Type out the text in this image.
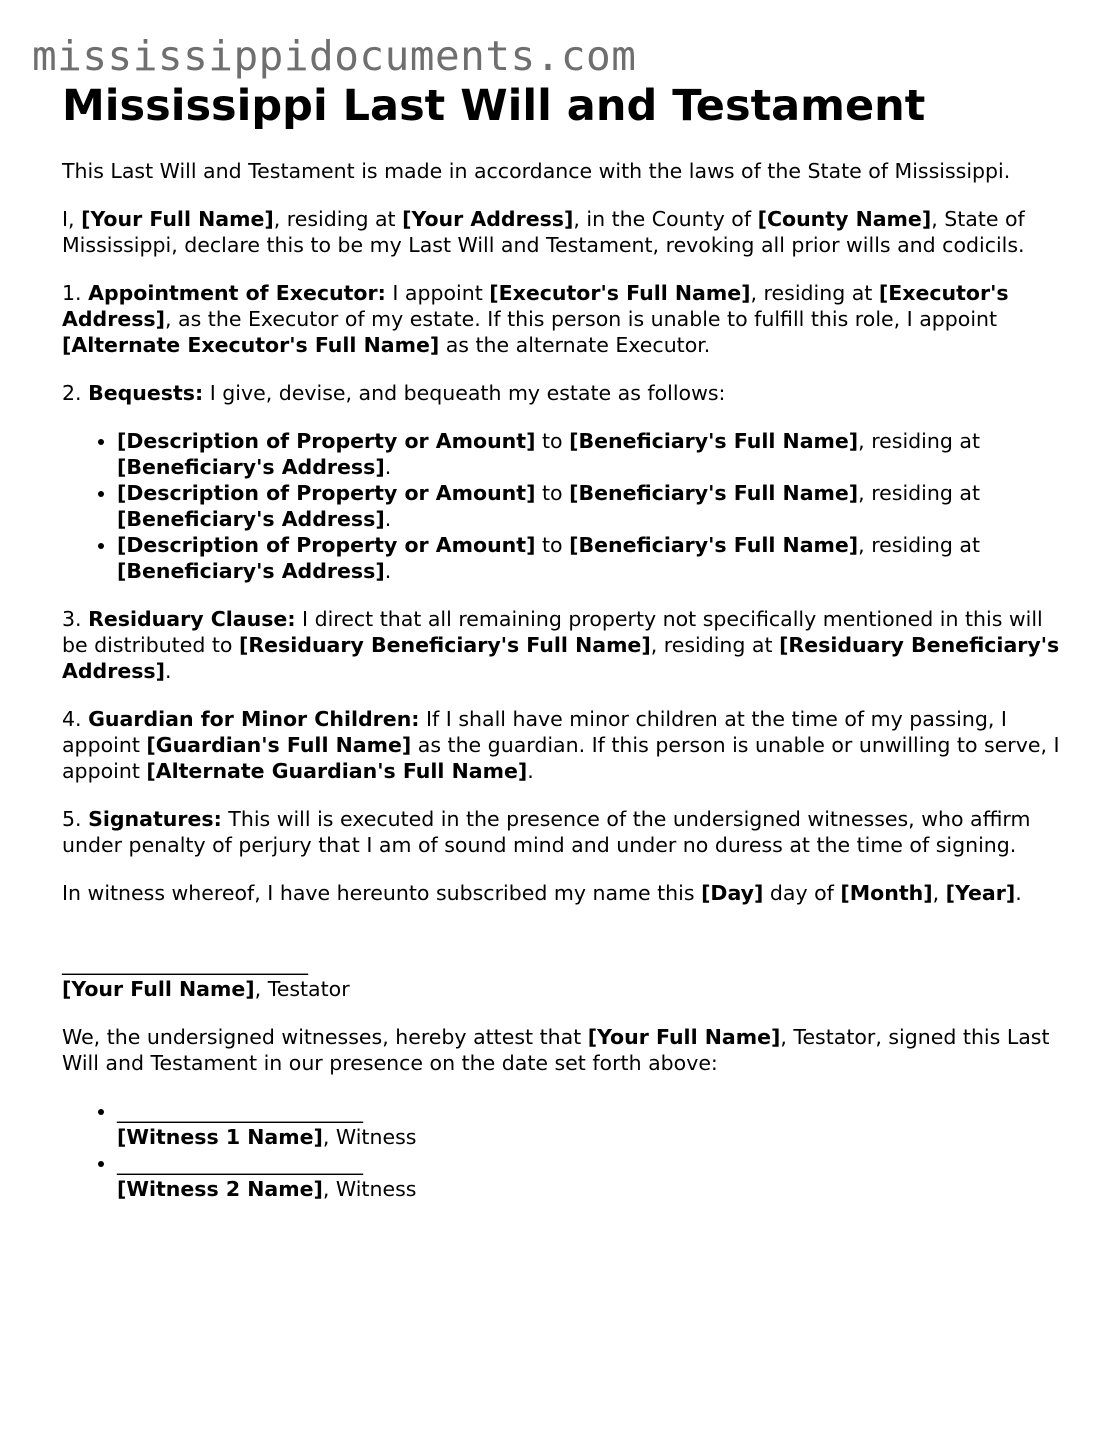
mississippidocuments.com
Mississippi Last Will and Testament

This Last Will and Testament is made in accordance with the laws of the State of Mississippi.

I, [Your Full Name], residing at [Your Address], in the County of [County Name], State of Mississippi, declare this to be my Last Will and Testament, revoking all prior wills and codicils.

1. Appointment of Executor: I appoint [Executor's Full Name], residing at [Executor's Address], as the Executor of my estate. If this person is unable to fulfill this role, I appoint [Alternate Executor's Full Name] as the alternate Executor.

2. Bequests: I give, devise, and bequeath my estate as follows:

• [Description of Property or Amount] to [Beneficiary's Full Name], residing at [Beneficiary's Address].
• [Description of Property or Amount] to [Beneficiary's Full Name], residing at [Beneficiary's Address].
• [Description of Property or Amount] to [Beneficiary's Full Name], residing at [Beneficiary's Address].

3. Residuary Clause: I direct that all remaining property not specifically mentioned in this will be distributed to [Residuary Beneficiary's Full Name], residing at [Residuary Beneficiary's Address].

4. Guardian for Minor Children: If I shall have minor children at the time of my passing, I appoint [Guardian's Full Name] as the guardian. If this person is unable or unwilling to serve, I appoint [Alternate Guardian's Full Name].

5. Signatures: This will is executed in the presence of the undersigned witnesses, who affirm under penalty of perjury that I am of sound mind and under no duress at the time of signing.

In witness whereof, I have hereunto subscribed my name this [Day] day of [Month], [Year].

________________________
[Your Full Name], Testator

We, the undersigned witnesses, hereby attest that [Your Full Name], Testator, signed this Last Will and Testament in our presence on the date set forth above:

• ________________________
[Witness 1 Name], Witness
• ________________________
[Witness 2 Name], Witness
